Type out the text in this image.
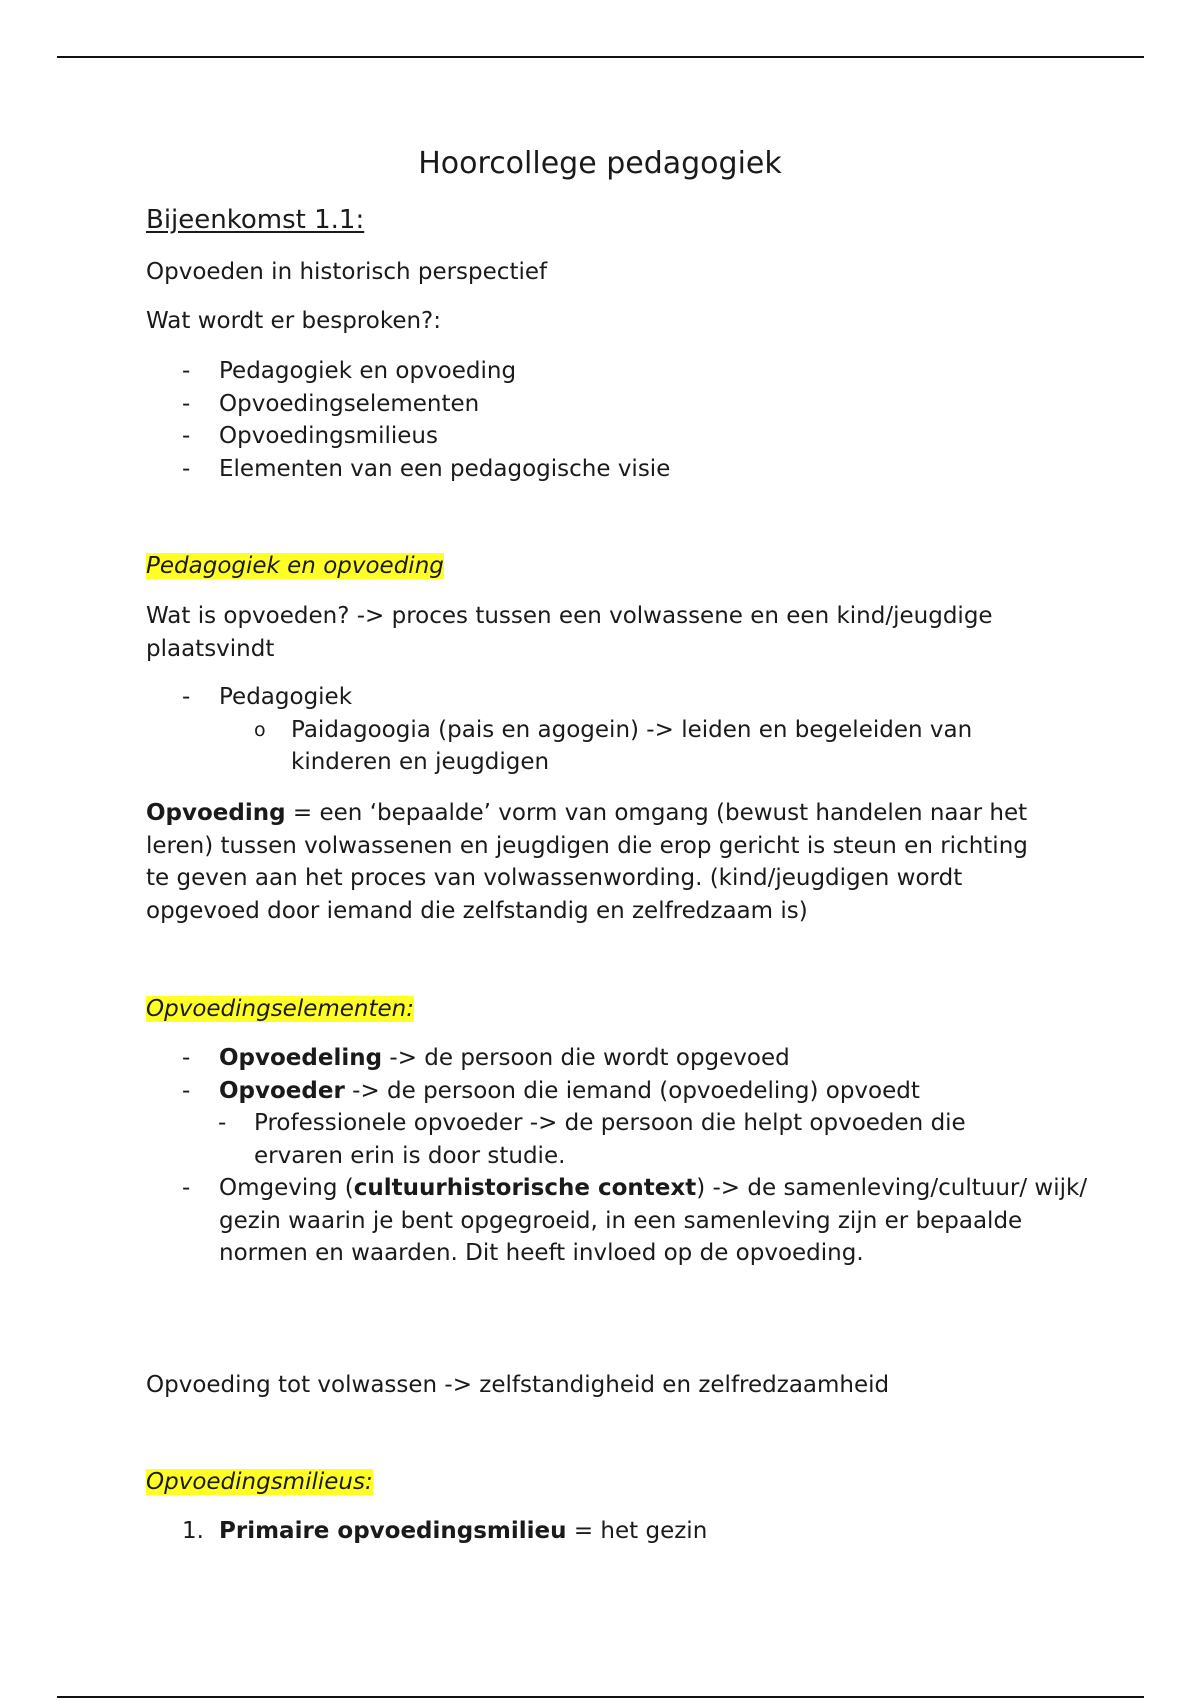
Hoorcollege pedagogiek

Bijeenkomst 1.1:

Opvoeden in historisch perspectief

Wat wordt er besproken?:

- Pedagogiek en opvoeding
- Opvoedingselementen
- Opvoedingsmilieus
- Elementen van een pedagogische visie

Pedagogiek en opvoeding

Wat is opvoeden? -> proces tussen een volwassene en een kind/jeugdige plaatsvindt

- Pedagogiek
o Paidagoogia (pais en agogein) -> leiden en begeleiden van kinderen en jeugdigen

Opvoeding = een ‘bepaalde’ vorm van omgang (bewust handelen naar het leren) tussen volwassenen en jeugdigen die erop gericht is steun en richting te geven aan het proces van volwassenwording. (kind/jeugdigen wordt opgevoed door iemand die zelfstandig en zelfredzaam is)

Opvoedingselementen:

- Opvoedeling -> de persoon die wordt opgevoed
- Opvoeder -> de persoon die iemand (opvoedeling) opvoedt
- Professionele opvoeder -> de persoon die helpt opvoeden die ervaren erin is door studie.
- Omgeving (cultuurhistorische context) -> de samenleving/cultuur/ wijk/ gezin waarin je bent opgegroeid, in een samenleving zijn er bepaalde normen en waarden. Dit heeft invloed op de opvoeding.

Opvoeding tot volwassen -> zelfstandigheid en zelfredzaamheid

Opvoedingsmilieus:

1. Primaire opvoedingsmilieu = het gezin
